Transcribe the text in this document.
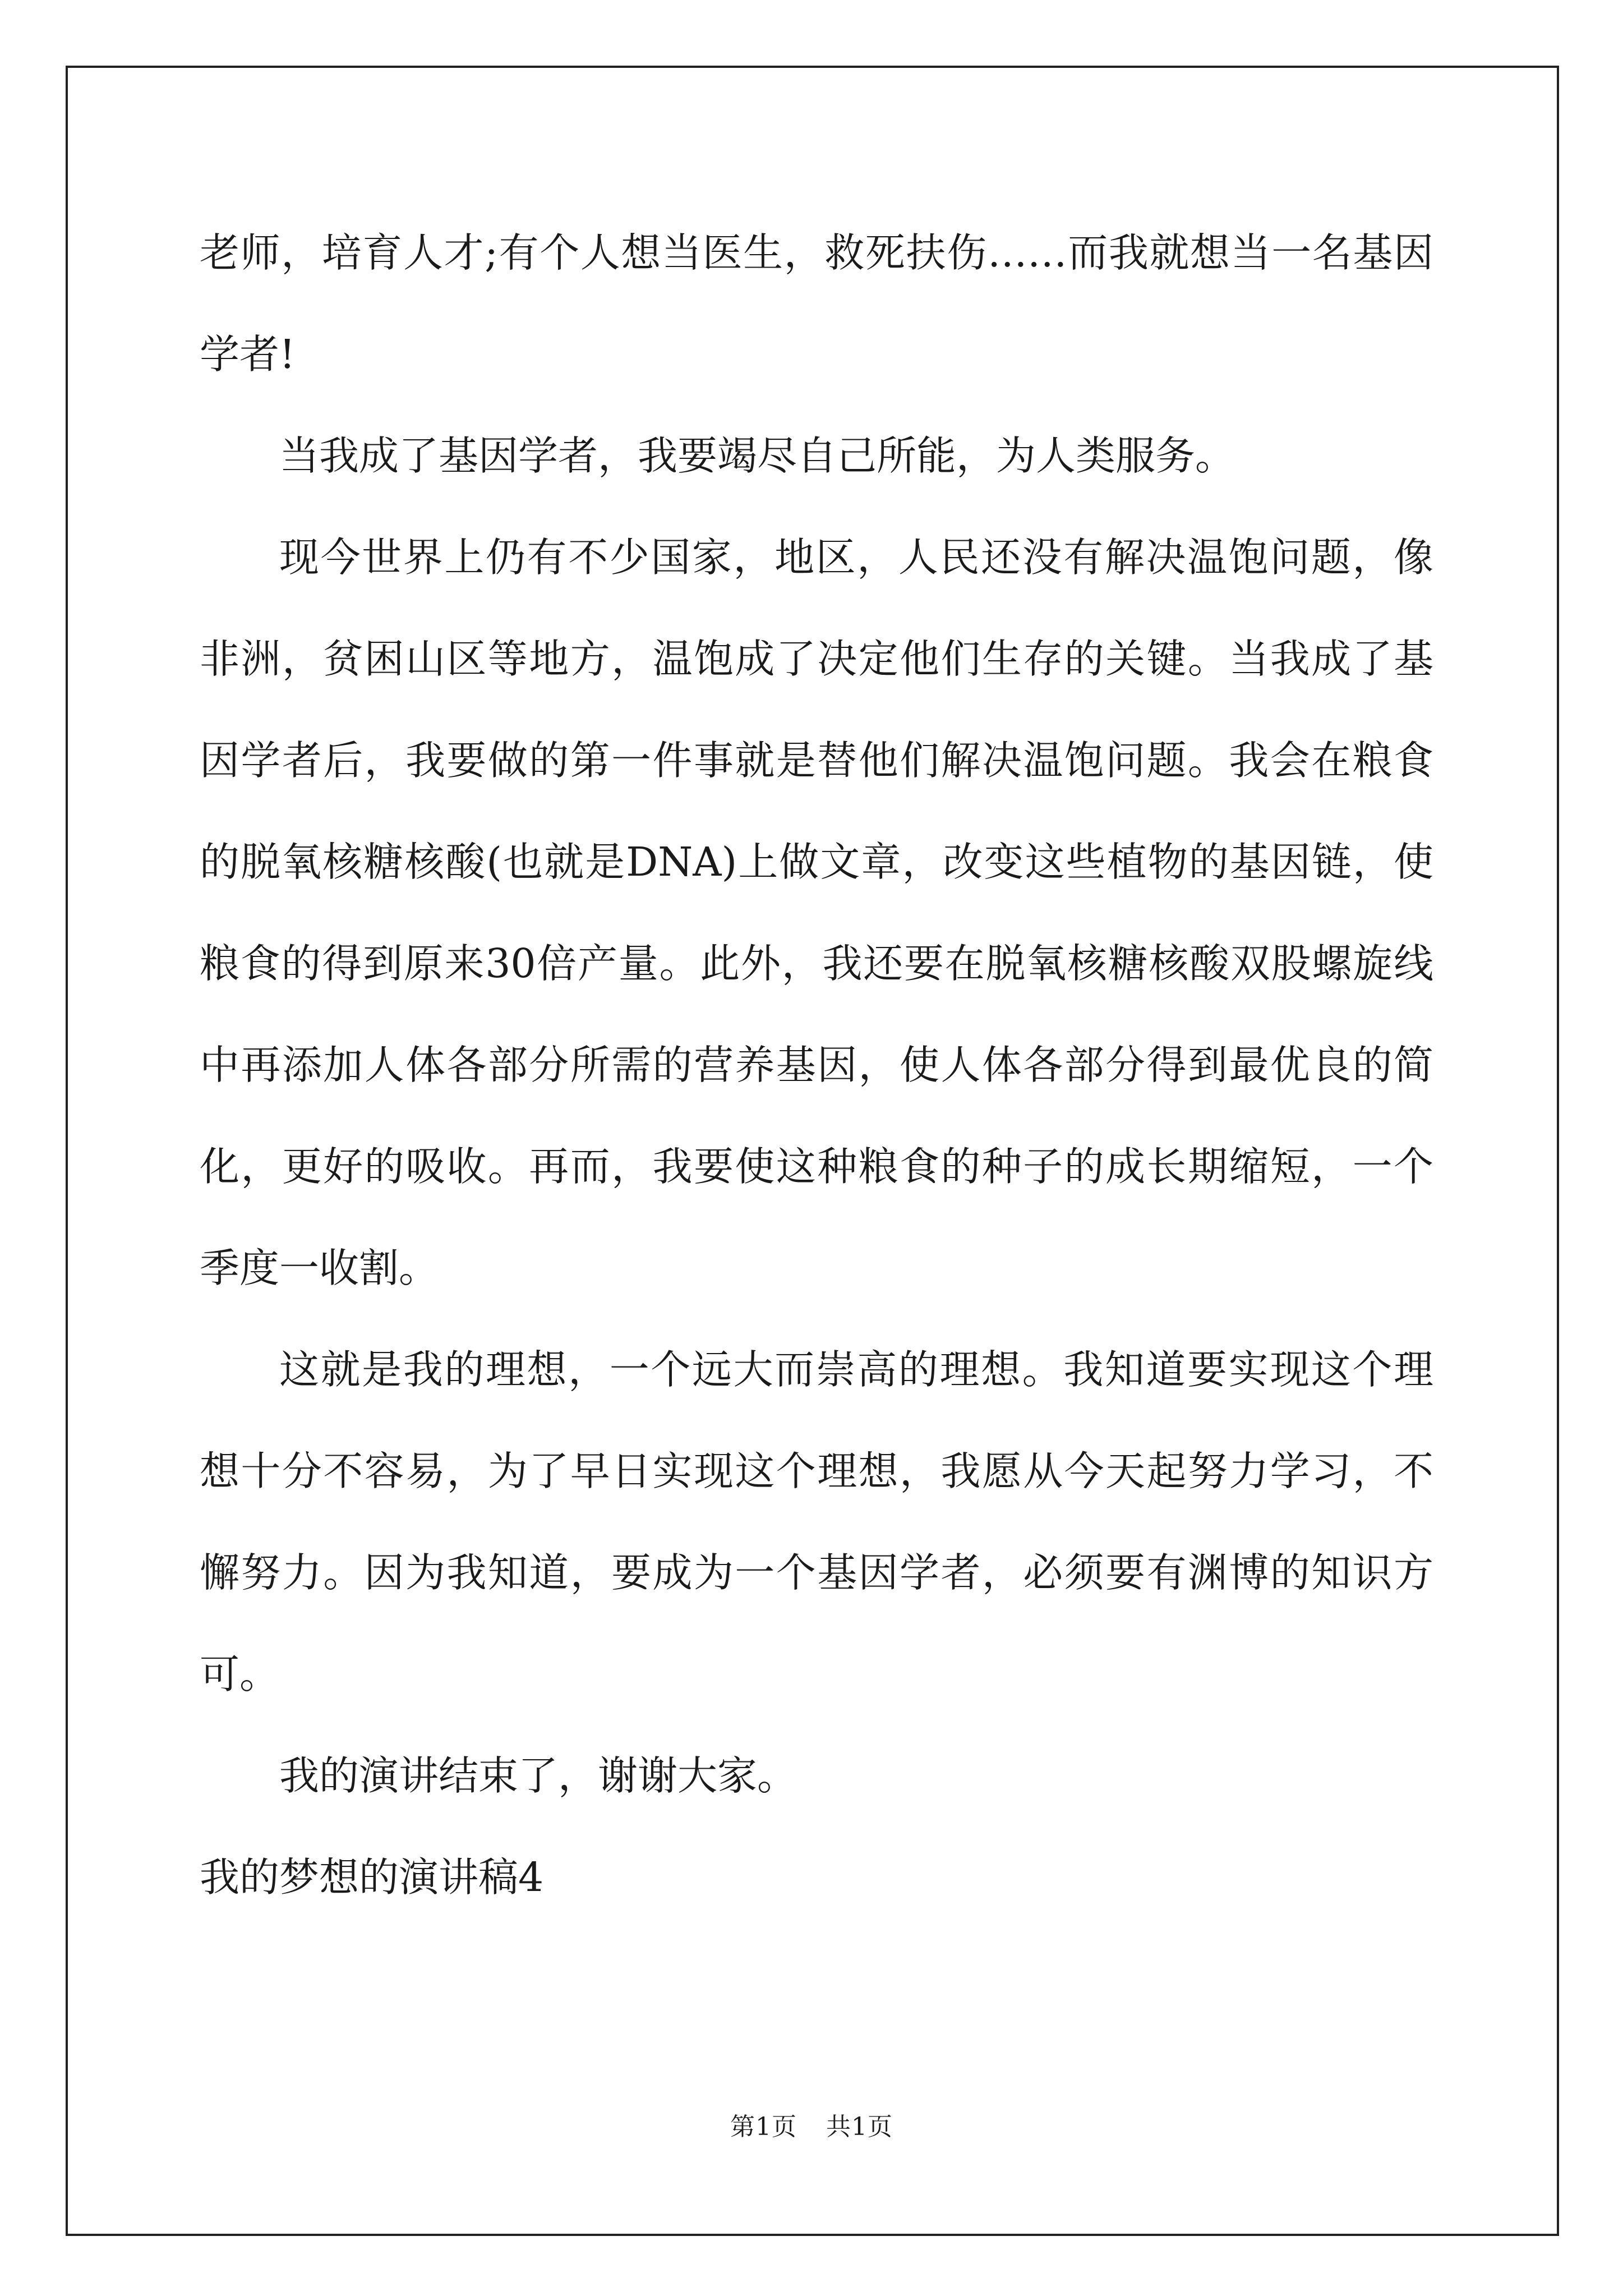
老师，培育人才;有个人想当医生，救死扶伤……而我就想当一名基因学者!

当我成了基因学者，我要竭尽自己所能，为人类服务。

现今世界上仍有不少国家，地区，人民还没有解决温饱问题，像非洲，贫困山区等地方，温饱成了决定他们生存的关键。当我成了基因学者后，我要做的第一件事就是替他们解决温饱问题。我会在粮食的脱氧核糖核酸(也就是DNA)上做文章，改变这些植物的基因链，使粮食的得到原来30倍产量。此外，我还要在脱氧核糖核酸双股螺旋线中再添加人体各部分所需的营养基因，使人体各部分得到最优良的简化，更好的吸收。再而，我要使这种粮食的种子的成长期缩短，一个季度一收割。

这就是我的理想，一个远大而崇高的理想。我知道要实现这个理想十分不容易，为了早日实现这个理想，我愿从今天起努力学习，不懈努力。因为我知道，要成为一个基因学者，必须要有渊博的知识方可。

我的演讲结束了，谢谢大家。

我的梦想的演讲稿4

第1页 共1页
